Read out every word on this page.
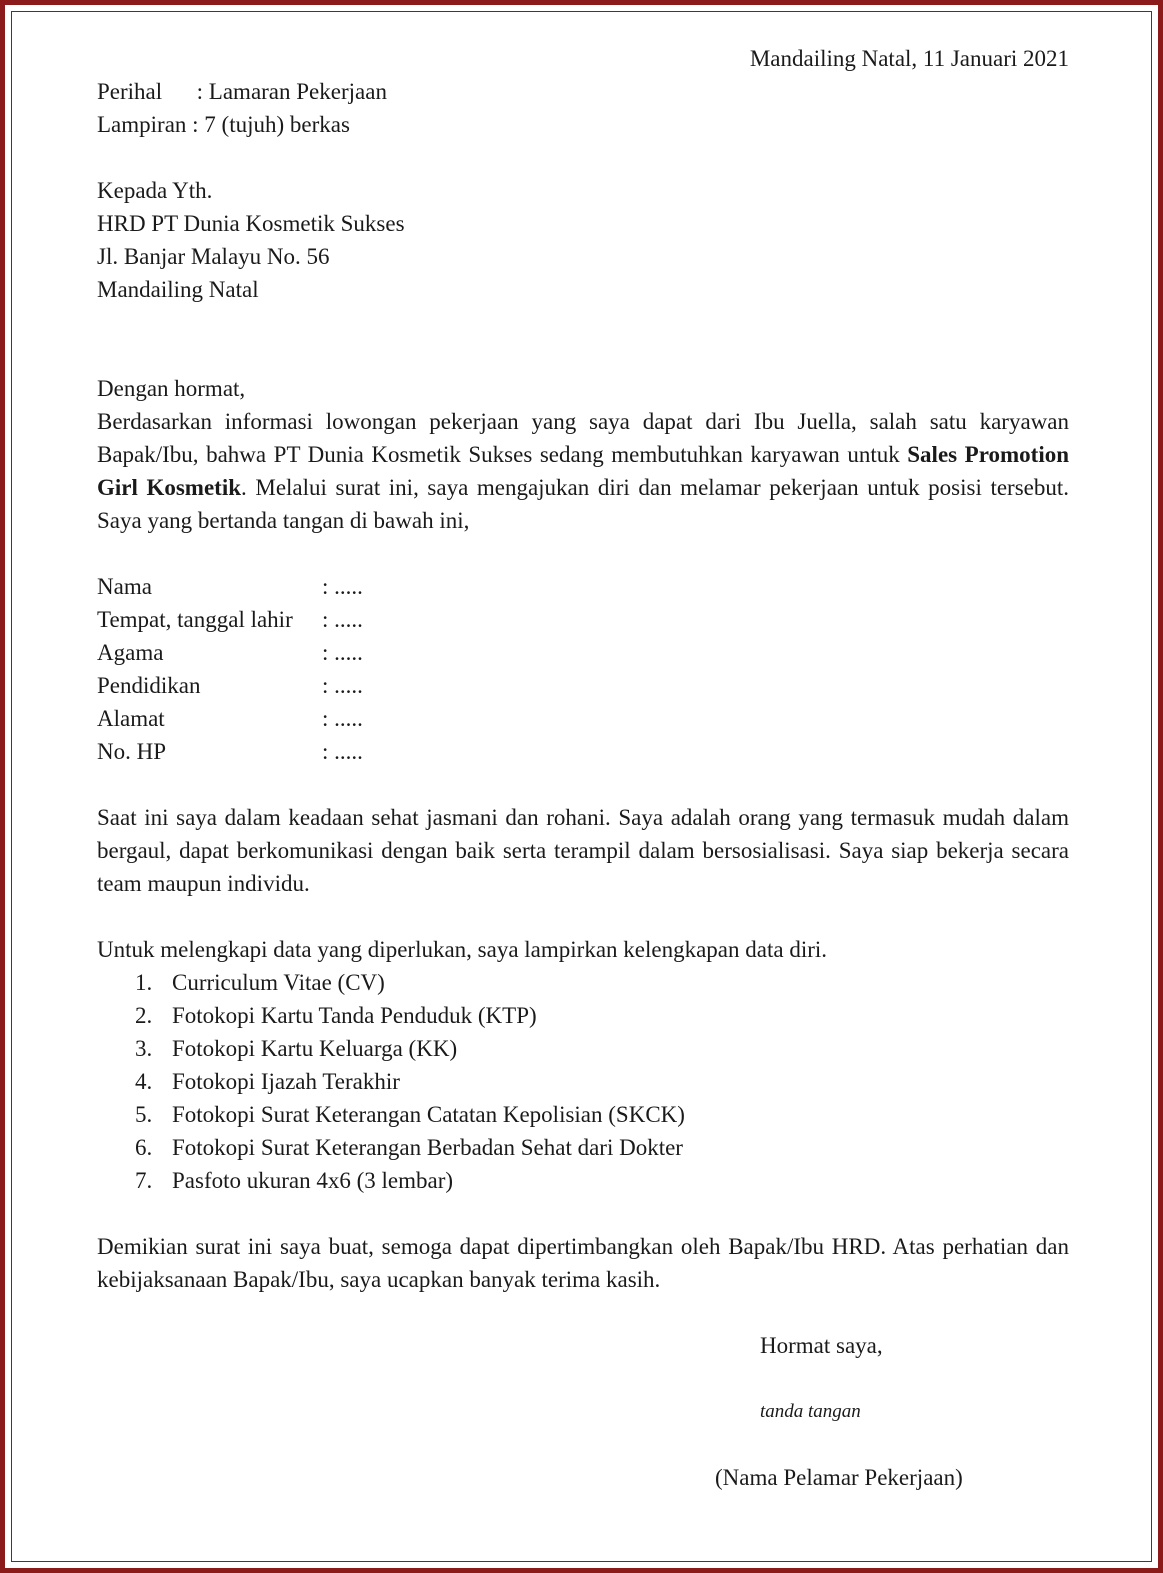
Mandailing Natal, 11 Januari 2021
Perihal : Lamaran Pekerjaan
Lampiran : 7 (tujuh) berkas
Kepada Yth.
HRD PT Dunia Kosmetik Sukses
Jl. Banjar Malayu No. 56
Mandailing Natal
Dengan hormat,
Berdasarkan informasi lowongan pekerjaan yang saya dapat dari Ibu Juella, salah satu karyawan Bapak/Ibu, bahwa PT Dunia Kosmetik Sukses sedang membutuhkan karyawan untuk Sales Promotion Girl Kosmetik. Melalui surat ini, saya mengajukan diri dan melamar pekerjaan untuk posisi tersebut. Saya yang bertanda tangan di bawah ini,
Nama	: .....
Tempat, tanggal lahir	: .....
Agama	: .....
Pendidikan	: .....
Alamat	: .....
No. HP	: .....
Saat ini saya dalam keadaan sehat jasmani dan rohani. Saya adalah orang yang termasuk mudah dalam bergaul, dapat berkomunikasi dengan baik serta terampil dalam bersosialisasi. Saya siap bekerja secara team maupun individu.
Untuk melengkapi data yang diperlukan, saya lampirkan kelengkapan data diri.
1. Curriculum Vitae (CV)
2. Fotokopi Kartu Tanda Penduduk (KTP)
3. Fotokopi Kartu Keluarga (KK)
4. Fotokopi Ijazah Terakhir
5. Fotokopi Surat Keterangan Catatan Kepolisian (SKCK)
6. Fotokopi Surat Keterangan Berbadan Sehat dari Dokter
7. Pasfoto ukuran 4x6 (3 lembar)
Demikian surat ini saya buat, semoga dapat dipertimbangkan oleh Bapak/Ibu HRD. Atas perhatian dan kebijaksanaan Bapak/Ibu, saya ucapkan banyak terima kasih.
Hormat saya,
tanda tangan
(Nama Pelamar Pekerjaan)
